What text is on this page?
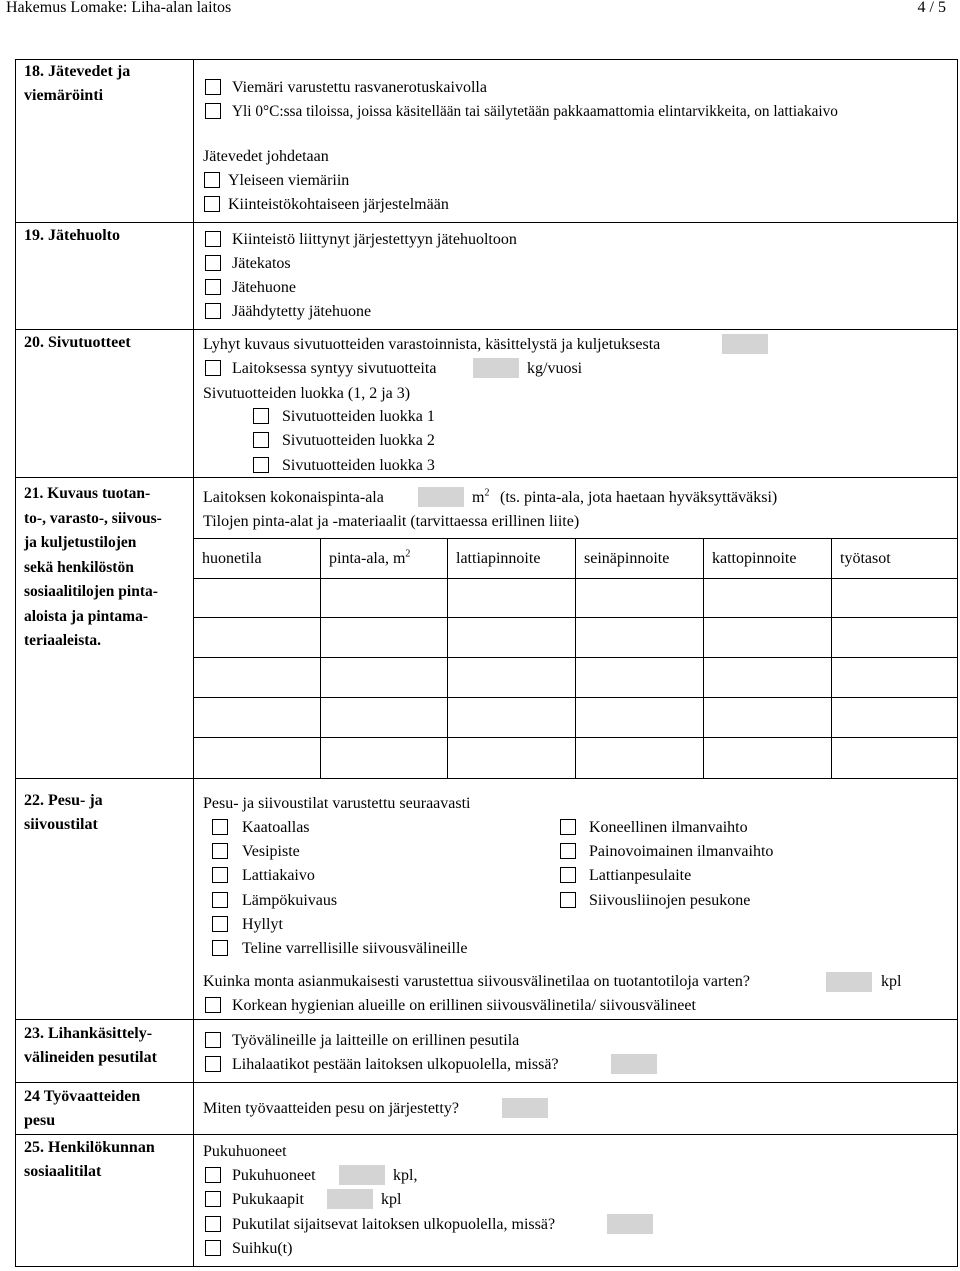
Hakemus Lomake: Liha-alan laitos	4 / 5
18. Jätevedet ja
viemäröinti	Viemäri varustettu rasvanerotuskaivolla
Yli 0°C:ssa tiloissa, joissa käsitellään tai säilytetään pakkaamattomia elintarvikkeita, on lattiakaivo
Jätevedet johdetaan
Yleiseen viemäriin
Kiinteistökohtaiseen järjestelmään
19. Jätehuolto	Kiinteistö liittynyt järjestettyyn jätehuoltoon
Jätekatos
Jätehuone
Jäähdytetty jätehuone
20. Sivutuotteet	Lyhyt kuvaus sivutuotteiden varastoinnista, käsittelystä ja kuljetuksesta
Laitoksessa syntyy sivutuotteita	kg/vuosi
Sivutuotteiden luokka (1, 2 ja 3)
Sivutuotteiden luokka 1
Sivutuotteiden luokka 2
Sivutuotteiden luokka 3
21. Kuvaus tuotan-
to-, varasto-, siivous-
ja kuljetustilojen
sekä henkilöstön
sosiaalitilojen pinta-
aloista ja pintama-
teriaaleista.
Laitoksen kokonaispinta-ala	$m^2$ (ts. pinta-ala, jota haetaan hyväksyttäväksi)
Tilojen pinta-alat ja -materiaalit (tarvittaessa erillinen liite)
huonetila	pinta-ala, $m^2$	lattiapinnoite	seinäpinnoite	kattopinnoite	työtasot
22. Pesu- ja
siivoustilat
Pesu- ja siivoustilat varustettu seuraavasti
Kaatoallas
Vesipiste
Lattiakaivo
Lämpökuivaus
Hyllyt
Teline varrellisille siivousvälineille
Koneellinen ilmanvaihto
Painovoimainen ilmanvaihto
Lattianpesulaite
Siivousliinojen pesukone
Kuinka monta asianmukaisesti varustettua siivousvälinetilaa on tuotantotiloja varten?	kpl
Korkean hygienian alueille on erillinen siivousvälinetila/ siivousvälineet
23. Lihankäsittely-
välineiden pesutilat
Työvälineille ja laitteille on erillinen pesutila
Lihalaatikot pestään laitoksen ulkopuolella, missä?
24 Työvaatteiden
pesu
Miten työvaatteiden pesu on järjestetty?
25. Henkilökunnan
sosiaalitilat
Pukuhuoneet
Pukuhuoneet	kpl,
Pukukaapit	kpl
Pukutilat sijaitsevat laitoksen ulkopuolella, missä?
Suihku(t)
